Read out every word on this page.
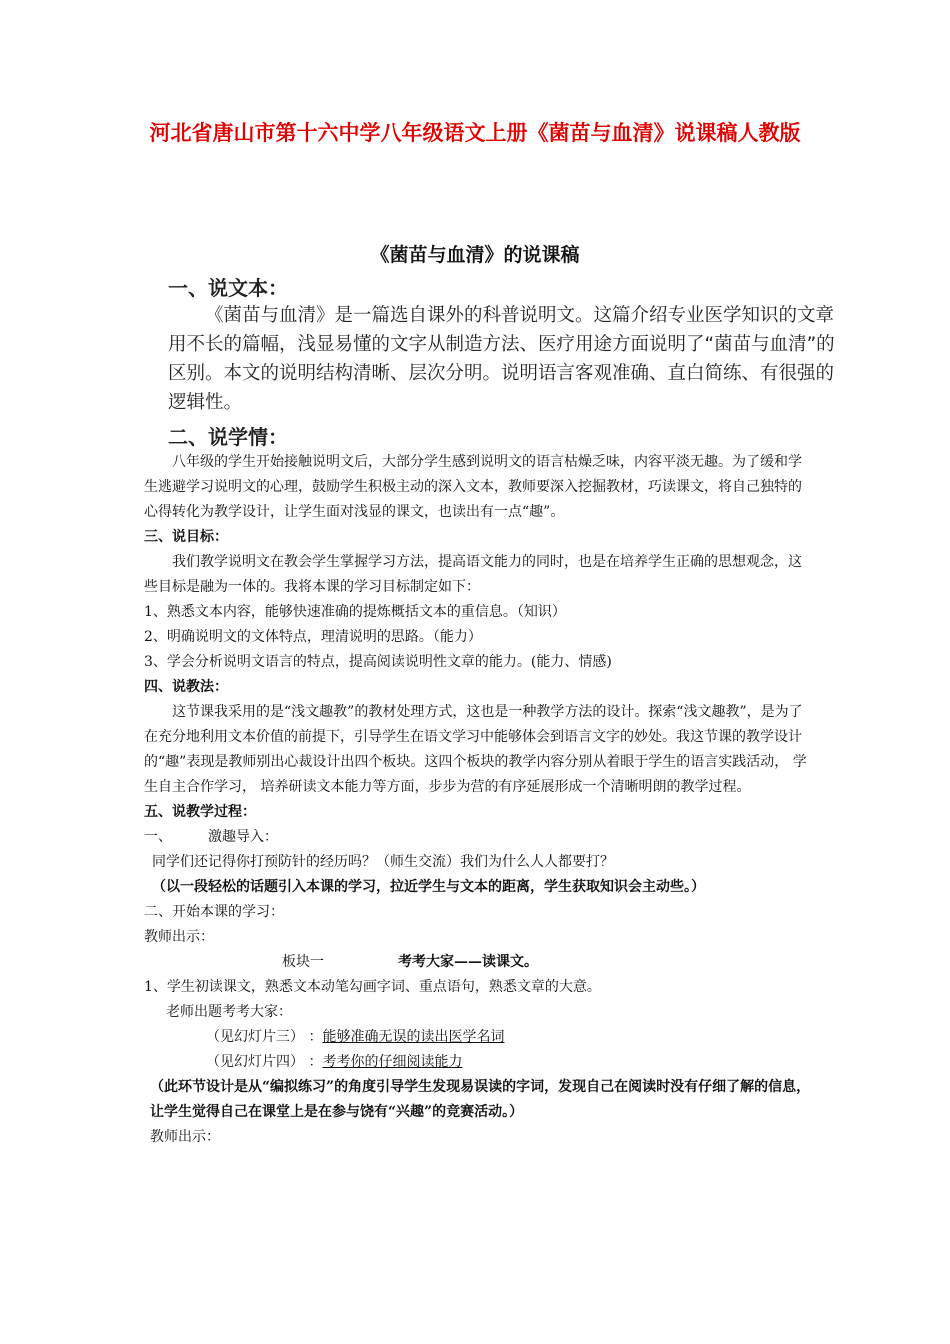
河北省唐山市第十六中学八年级语文上册《菌苗与血清》说课稿人教版
《菌苗与血清》的说课稿
一、说文本：

《菌苗与血清》是一篇选自课外的科普说明文。这篇介绍专业医学知识的文章用不长的篇幅，浅显易懂的文字从制造方法、医疗用途方面说明了“菌苗与血清”的区别。本文的说明结构清晰、层次分明。说明语言客观准确、直白简练、有很强的逻辑性。

二、说学情：

八年级的学生开始接触说明文后，大部分学生感到说明文的语言枯燥乏味，内容平淡无趣。为了缓和学生逃避学习说明文的心理，鼓励学生积极主动的深入文本，教师要深入挖掘教材，巧读课文，将自己独特的心得转化为教学设计，让学生面对浅显的课文，也读出有一点“趣”。

三、说目标：

我们教学说明文在教会学生掌握学习方法，提高语文能力的同时，也是在培养学生正确的思想观念，这些目标是融为一体的。我将本课的学习目标制定如下：

1、熟悉文本内容，能够快速准确的提炼概括文本的重信息。（知识）

2、明确说明文的文体特点，理清说明的思路。（能力）

3、学会分析说明文语言的特点，提高阅读说明性文章的能力。(能力、情感)

四、说教法：

这节课我采用的是“浅文趣教”的教材处理方式，这也是一种教学方法的设计。探索“浅文趣教”，是为了在充分地利用文本价值的前提下，引导学生在语文学习中能够体会到语言文字的妙处。我这节课的教学设计的“趣”表现是教师别出心裁设计出四个板块。这四个板块的教学内容分别从着眼于学生的语言实践活动， 学生自主合作学习， 培养研读文本能力等方面，步步为营的有序延展形成一个清晰明朗的教学过程。

五、说教学过程：

一、	激趣导入：

同学们还记得你打预防针的经历吗？（师生交流）我们为什么人人都要打？

（以一段轻松的话题引入本课的学习，拉近学生与文本的距离，学生获取知识会主动些。）

二、开始本课的学习：

教师出示：

板块一	考考大家——读课文。

1、学生初读课文，熟悉文本动笔勾画字词、重点语句，熟悉文章的大意。

老师出题考考大家：

（见幻灯片三） ：能够准确无误的读出医学名词

（见幻灯片四） ：考考你的仔细阅读能力

（此环节设计是从“编拟练习”的角度引导学生发现易误读的字词，发现自己在阅读时没有仔细了解的信息，让学生觉得自己在课堂上是在参与饶有“兴趣”的竞赛活动。）

教师出示：
